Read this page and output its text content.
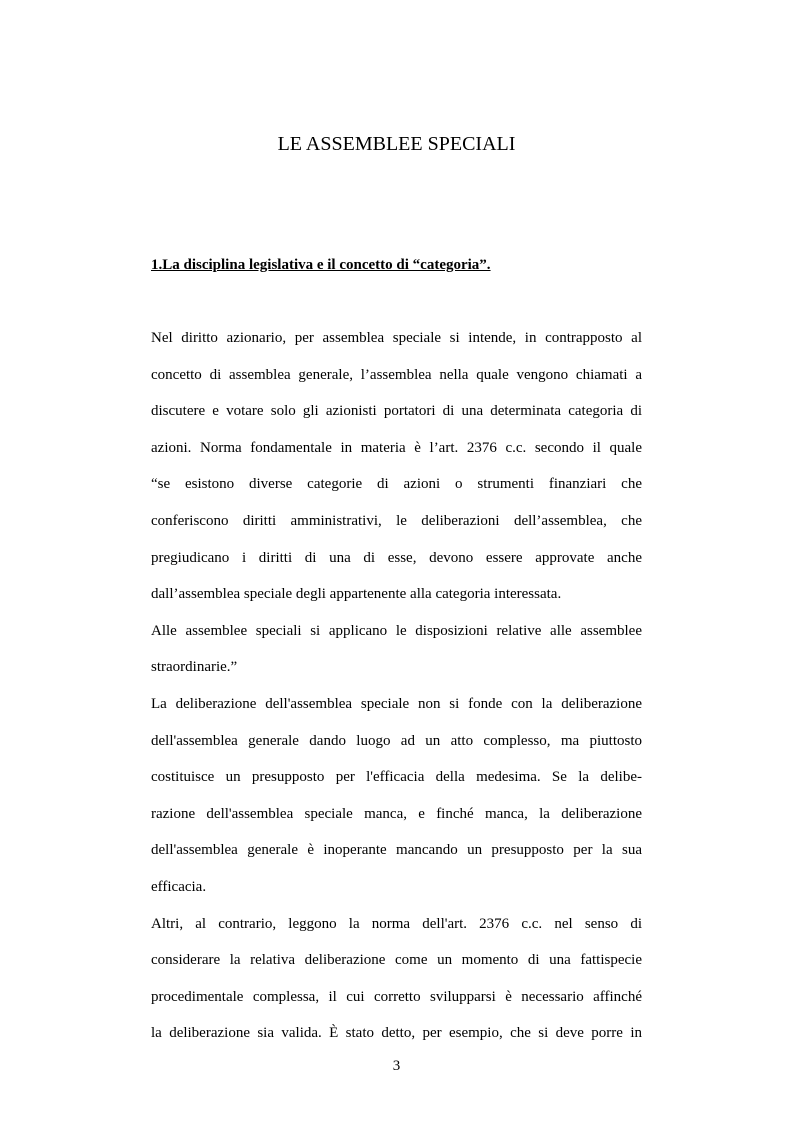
LE ASSEMBLEE SPECIALI
1.La disciplina legislativa e il concetto di “categoria”.
Nel diritto azionario, per assemblea speciale si intende, in contrapposto al
concetto di assemblea generale, l’assemblea nella quale vengono chiamati a
discutere e votare solo gli azionisti portatori di una determinata categoria di
azioni. Norma fondamentale in materia è l’art. 2376 c.c. secondo il quale
“se esistono diverse categorie di azioni o strumenti finanziari che
conferiscono diritti amministrativi, le deliberazioni dell’assemblea, che
pregiudicano i diritti di una di esse, devono essere approvate anche
dall’assemblea speciale degli appartenente alla categoria interessata.
Alle assemblee speciali si applicano le disposizioni relative alle assemblee
straordinarie.”
La deliberazione dell'assemblea speciale non si fonde con la deliberazione
dell'assemblea generale dando luogo ad un atto complesso, ma piuttosto
costituisce un presupposto per l'efficacia della medesima. Se la delibe-
razione dell'assemblea speciale manca, e finché manca, la deliberazione
dell'assemblea generale è inoperante mancando un presupposto per la sua
efficacia.
Altri, al contrario, leggono la norma dell'art. 2376 c.c. nel senso di
considerare la relativa deliberazione come un momento di una fattispecie
procedimentale complessa, il cui corretto svilupparsi è necessario affinché
la deliberazione sia valida. È stato detto, per esempio, che si deve porre in
3
